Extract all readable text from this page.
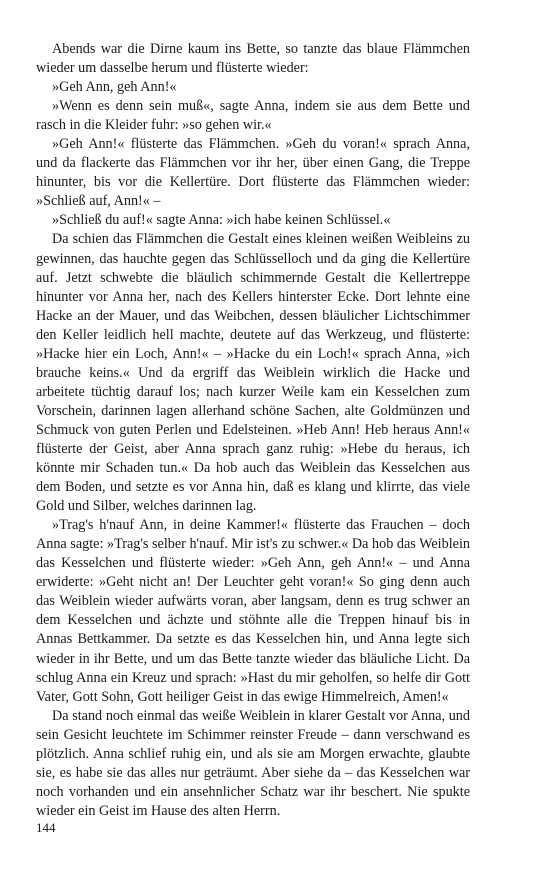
Abends war die Dirne kaum ins Bette, so tanzte das blaue Flämmchen wieder um dasselbe herum und flüsterte wieder:

»Geh Ann, geh Ann!«

»Wenn es denn sein muß«, sagte Anna, indem sie aus dem Bette und rasch in die Kleider fuhr: »so gehen wir.«

»Geh Ann!« flüsterte das Flämmchen. »Geh du voran!« sprach Anna, und da flackerte das Flämmchen vor ihr her, über einen Gang, die Treppe hinunter, bis vor die Kellertüre. Dort flüsterte das Flämmchen wieder: »Schließ auf, Ann!« –

»Schließ du auf!« sagte Anna: »ich habe keinen Schlüssel.«

Da schien das Flämmchen die Gestalt eines kleinen weißen Weibleins zu gewinnen, das hauchte gegen das Schlüsselloch und da ging die Kellertüre auf. Jetzt schwebte die bläulich schimmernde Gestalt die Kellertreppe hinunter vor Anna her, nach des Kellers hinterster Ecke. Dort lehnte eine Hacke an der Mauer, und das Weibchen, dessen bläulicher Lichtschimmer den Keller leidlich hell machte, deutete auf das Werkzeug, und flüsterte: »Hacke hier ein Loch, Ann!« – »Hacke du ein Loch!« sprach Anna, »ich brauche keins.« Und da ergriff das Weiblein wirklich die Hacke und arbeitete tüchtig darauf los; nach kurzer Weile kam ein Kesselchen zum Vorschein, darinnen lagen allerhand schöne Sachen, alte Goldmünzen und Schmuck von guten Perlen und Edelsteinen. »Heb Ann! Heb heraus Ann!« flüsterte der Geist, aber Anna sprach ganz ruhig: »Hebe du heraus, ich könnte mir Schaden tun.« Da hob auch das Weiblein das Kesselchen aus dem Boden, und setzte es vor Anna hin, daß es klang und klirrte, das viele Gold und Silber, welches darinnen lag.

»Trag's h'nauf Ann, in deine Kammer!« flüsterte das Frauchen – doch Anna sagte: »Trag's selber h'nauf. Mir ist's zu schwer.« Da hob das Weiblein das Kesselchen und flüsterte wieder: »Geh Ann, geh Ann!« – und Anna erwiderte: »Geht nicht an! Der Leuchter geht voran!« So ging denn auch das Weiblein wieder aufwärts voran, aber langsam, denn es trug schwer an dem Kesselchen und ächzte und stöhnte alle die Treppen hinauf bis in Annas Bettkammer. Da setzte es das Kesselchen hin, und Anna legte sich wieder in ihr Bette, und um das Bette tanzte wieder das bläuliche Licht. Da schlug Anna ein Kreuz und sprach: »Hast du mir geholfen, so helfe dir Gott Vater, Gott Sohn, Gott heiliger Geist in das ewige Himmelreich, Amen!«

Da stand noch einmal das weiße Weiblein in klarer Gestalt vor Anna, und sein Gesicht leuchtete im Schimmer reinster Freude – dann verschwand es plötzlich. Anna schlief ruhig ein, und als sie am Morgen erwachte, glaubte sie, es habe sie das alles nur geträumt. Aber siehe da – das Kesselchen war noch vorhanden und ein ansehnlicher Schatz war ihr beschert. Nie spukte wieder ein Geist im Hause des alten Herrn.

144
